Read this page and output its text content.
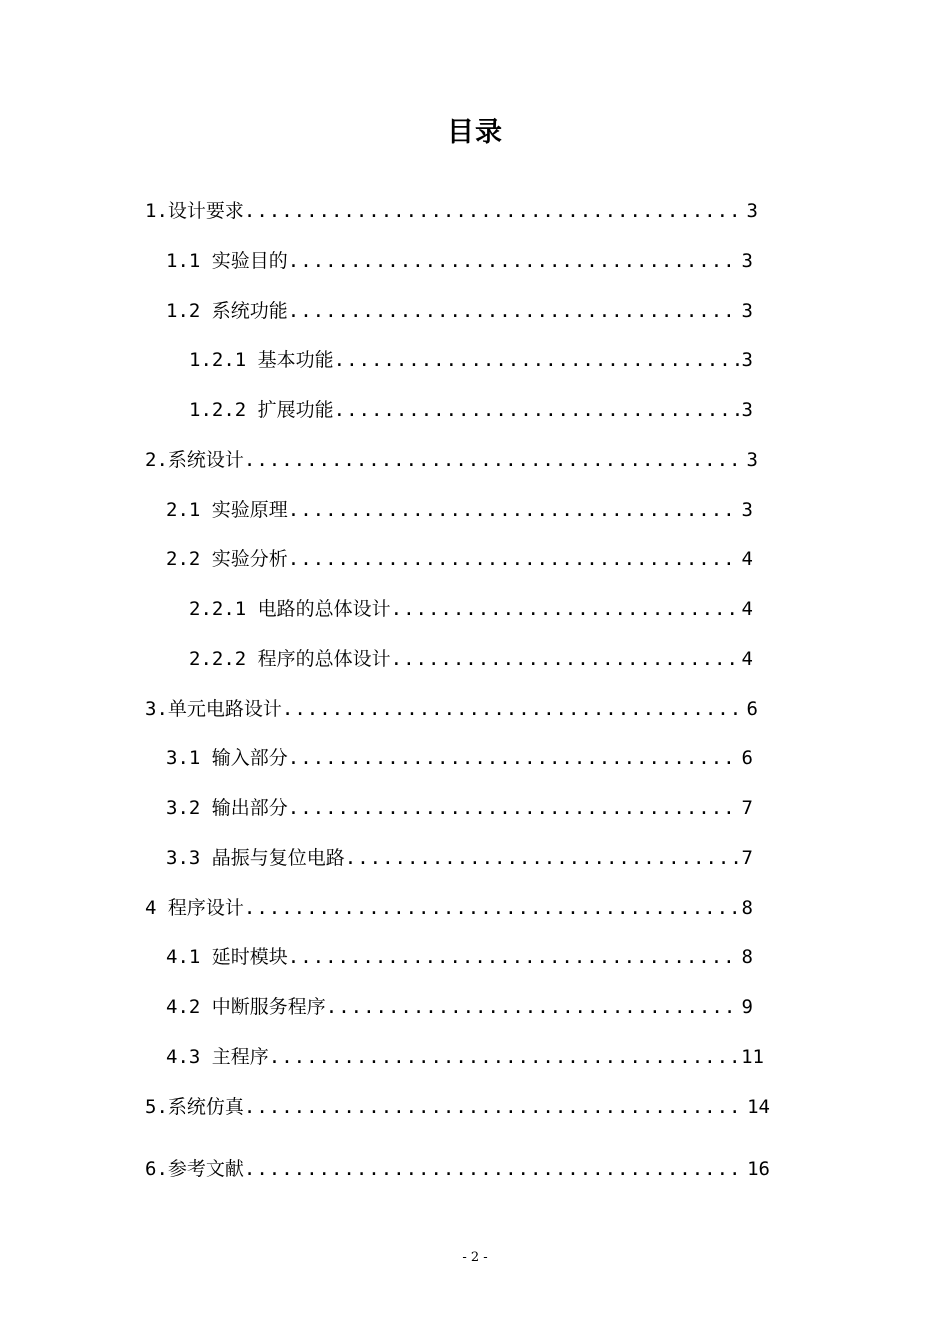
目录
1.设计要求 .....	3
1.1 实验目的 .....	3
1.2 系统功能 .....	3
1.2.1 基本功能 .....	3
1.2.2 扩展功能 .....	3
2.系统设计 .....	3
2.1 实验原理 .....	3
2.2 实验分析 .....	4
2.2.1 电路的总体设计 .....	4
2.2.2 程序的总体设计 .....	4
3.单元电路设计 .....	6
3.1 输入部分 .....	6
3.2 输出部分 .....	7
3.3 晶振与复位电路 .....	7
4 程序设计 .....	8
4.1 延时模块 .....	8
4.2 中断服务程序 .....	9
4.3 主程序 .....	11
5.系统仿真 .....	14
6.参考文献 .....	16
- 2 -
